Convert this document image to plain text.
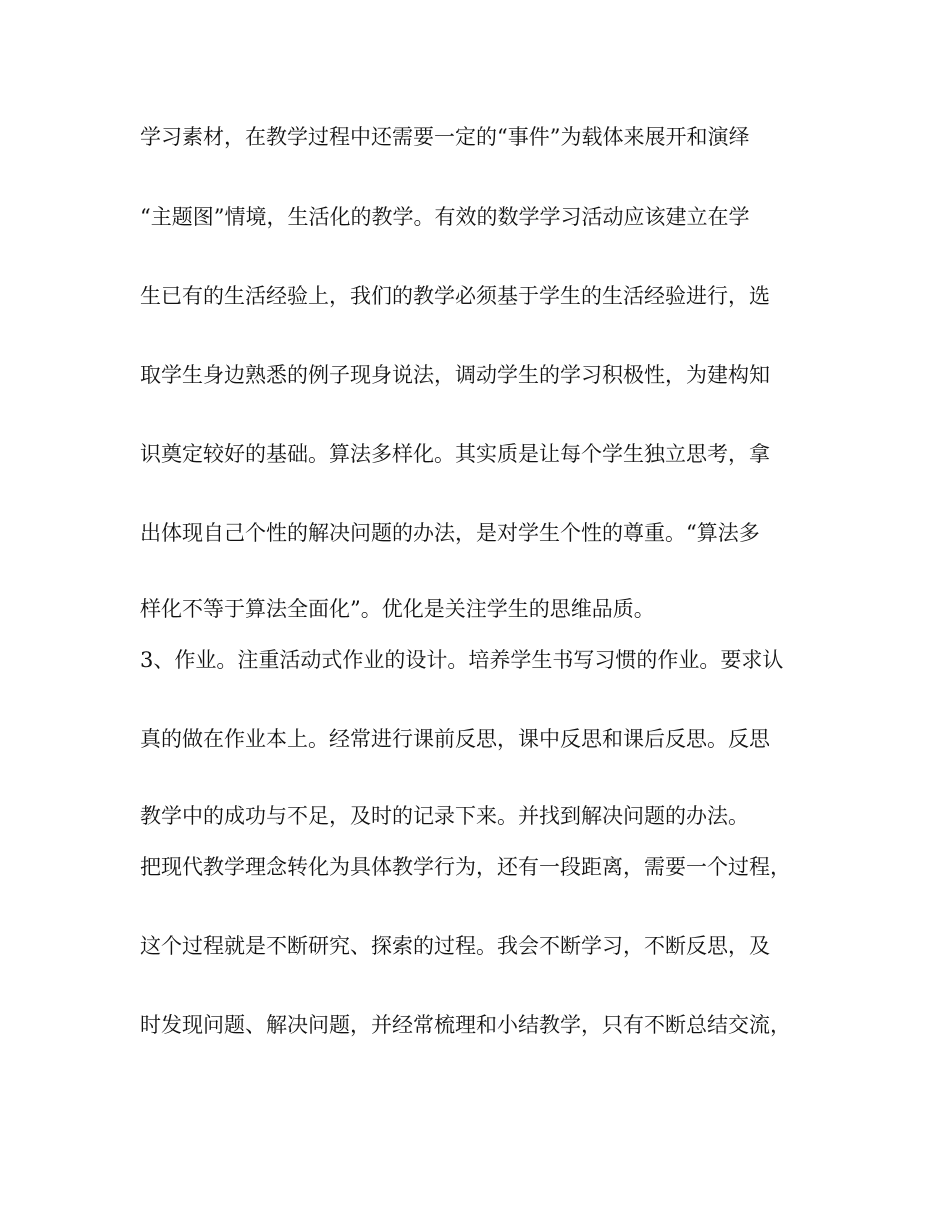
学习素材，在教学过程中还需要一定的“事件”为载体来展开和演绎

“主题图”情境，生活化的教学。有效的数学学习活动应该建立在学

生已有的生活经验上，我们的教学必须基于学生的生活经验进行，选

取学生身边熟悉的例子现身说法，调动学生的学习积极性，为建构知

识奠定较好的基础。算法多样化。其实质是让每个学生独立思考，拿

出体现自己个性的解决问题的办法，是对学生个性的尊重。“算法多

样化不等于算法全面化”。优化是关注学生的思维品质。

3、作业。注重活动式作业的设计。培养学生书写习惯的作业。要求认

真的做在作业本上。经常进行课前反思，课中反思和课后反思。反思

教学中的成功与不足，及时的记录下来。并找到解决问题的办法。

把现代教学理念转化为具体教学行为，还有一段距离，需要一个过程，

这个过程就是不断研究、探索的过程。我会不断学习，不断反思，及

时发现问题、解决问题，并经常梳理和小结教学，只有不断总结交流，
